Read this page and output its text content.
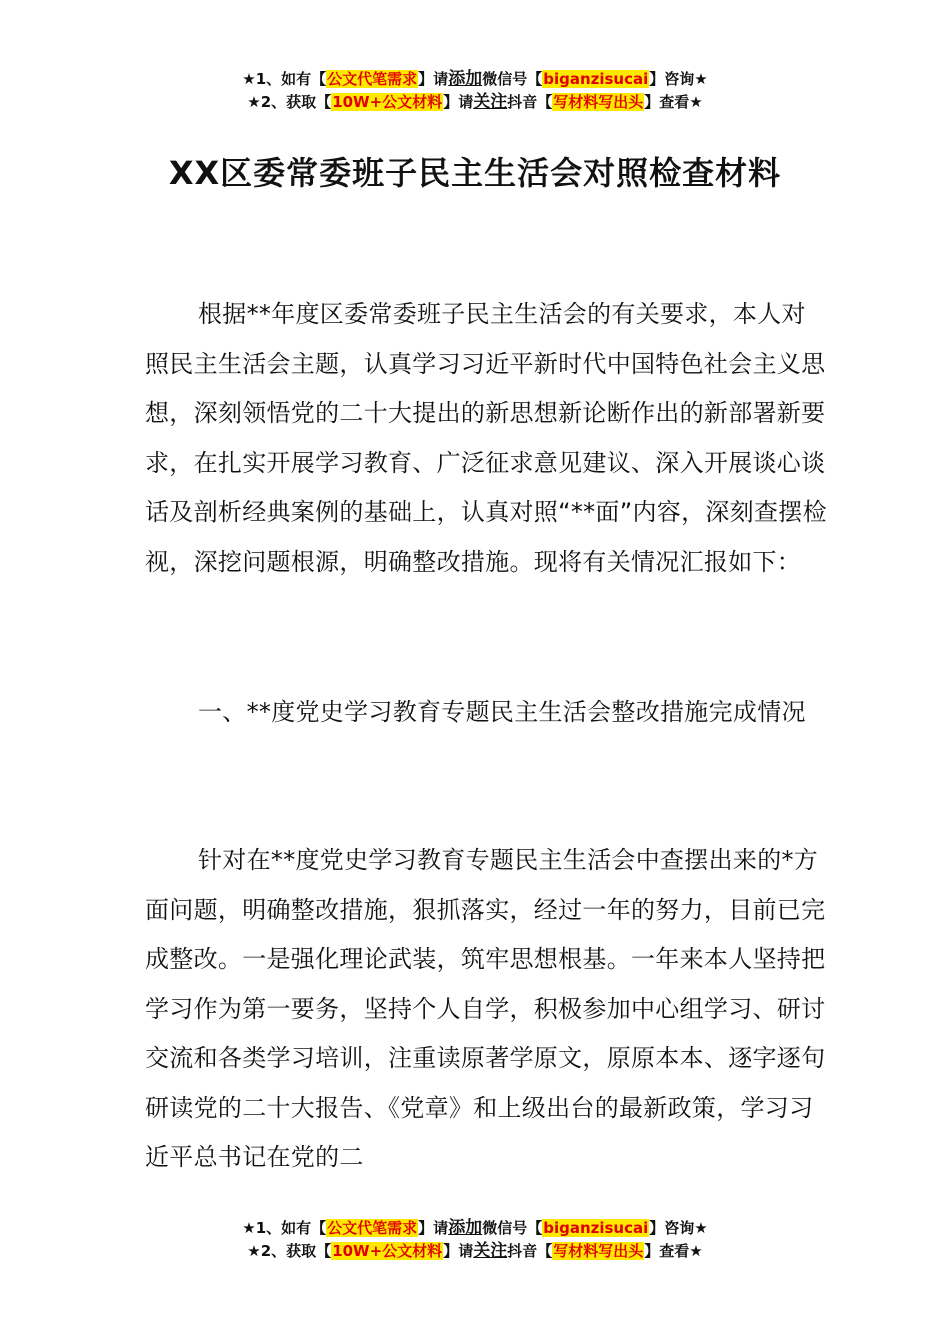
★1、如有【公文代笔需求】请添加微信号【biganzisucai】咨询★
★2、获取【10W+公文材料】请关注抖音【写材料写出头】查看★
XX区委常委班子民主生活会对照检查材料

根据**年度区委常委班子民主生活会的有关要求，本人对照民主生活会主题，认真学习习近平新时代中国特色社会主义思想，深刻领悟党的二十大提出的新思想新论断作出的新部署新要求，在扎实开展学习教育、广泛征求意见建议、深入开展谈心谈话及剖析经典案例的基础上，认真对照“**面”内容，深刻查摆检视，深挖问题根源，明确整改措施。现将有关情况汇报如下：

一、**度党史学习教育专题民主生活会整改措施完成情况

针对在**度党史学习教育专题民主生活会中查摆出来的*方面问题，明确整改措施，狠抓落实，经过一年的努力，目前已完成整改。一是强化理论武装，筑牢思想根基。一年来本人坚持把学习作为第一要务，坚持个人自学，积极参加中心组学习、研讨交流和各类学习培训，注重读原著学原文，原原本本、逐字逐句研读党的二十大报告、《党章》和上级出台的最新政策，学习习近平总书记在党的二

★1、如有【公文代笔需求】请添加微信号【biganzisucai】咨询★
★2、获取【10W+公文材料】请关注抖音【写材料写出头】查看★
